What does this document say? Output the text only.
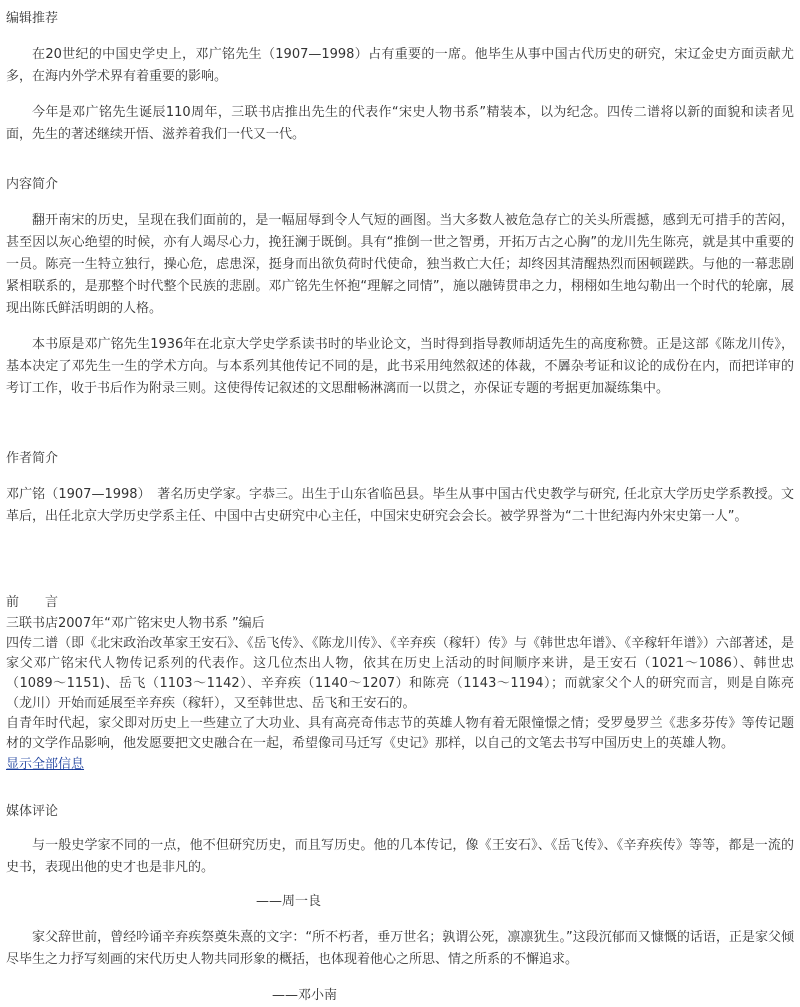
编辑推荐

在20世纪的中国史学史上，邓广铭先生（1907—1998）占有重要的一席。他毕生从事中国古代历史的研究，宋辽金史方面贡献尤多，在海内外学术界有着重要的影响。

今年是邓广铭先生诞辰110周年，三联书店推出先生的代表作“宋史人物书系”精装本，以为纪念。四传二谱将以新的面貌和读者见面，先生的著述继续开悟、滋养着我们一代又一代。

内容简介

翻开南宋的历史，呈现在我们面前的，是一幅屈辱到令人气短的画图。当大多数人被危急存亡的关头所震撼，感到无可措手的苦闷，甚至因以灰心绝望的时候，亦有人竭尽心力，挽狂澜于既倒。具有“推倒一世之智勇，开拓万古之心胸”的龙川先生陈亮，就是其中重要的一员。陈亮一生特立独行，操心危，虑患深，挺身而出欲负荷时代使命，独当救亡大任；却终因其清醒热烈而困顿蹉跌。与他的一幕悲剧紧相联系的，是那整个时代整个民族的悲剧。邓广铭先生怀抱“理解之同情”，施以融铸贯串之力，栩栩如生地勾勒出一个时代的轮廓，展现出陈氏鲜活明朗的人格。

本书原是邓广铭先生1936年在北京大学史学系读书时的毕业论文，当时得到指导教师胡适先生的高度称赞。正是这部《陈龙川传》，基本决定了邓先生一生的学术方向。与本系列其他传记不同的是，此书采用纯然叙述的体裁，不羼杂考证和议论的成份在内，而把详审的考订工作，收于书后作为附录三则。这使得传记叙述的文思酣畅淋漓而一以贯之，亦保证专题的考据更加凝练集中。

作者简介

邓广铭（1907—1998）　著名历史学家。字恭三。出生于山东省临邑县。毕生从事中国古代史教学与研究, 任北京大学历史学系教授。文革后，出任北京大学历史学系主任、中国中古史研究中心主任，中国宋史研究会会长。被学界誉为“二十世纪海内外宋史第一人”。

前　　言

三联书店2007年“邓广铭宋史人物书系 ”编后

四传二谱（即《北宋政治改革家王安石》、《岳飞传》、《陈龙川传》、《辛弃疾（稼轩）传》与《韩世忠年谱》、《辛稼轩年谱》）六部著述，是家父邓广铭宋代人物传记系列的代表作。这几位杰出人物，依其在历史上活动的时间顺序来讲，是王安石（1021～1086）、韩世忠（1089～1151)、岳飞（1103～1142）、辛弃疾（1140～1207）和陈亮（1143～1194）；而就家父个人的研究而言，则是自陈亮（龙川）开始而延展至辛弃疾（稼轩），又至韩世忠、岳飞和王安石的。

自青年时代起，家父即对历史上一些建立了大功业、具有高亮奇伟志节的英雄人物有着无限憧憬之情；受罗曼罗兰《悲多芬传》等传记题材的文学作品影响，他发愿要把文史融合在一起，希望像司马迁写《史记》那样，以自己的文笔去书写中国历史上的英雄人物。

显示全部信息
媒体评论

与一般史学家不同的一点，他不但研究历史，而且写历史。他的几本传记，像《王安石》、《岳飞传》、《辛弃疾传》等等，都是一流的史书，表现出他的史才也是非凡的。

——周一良

家父辞世前，曾经吟诵辛弃疾祭奠朱熹的文字：“所不朽者，垂万世名；孰谓公死，凛凛犹生。”这段沉郁而又慷慨的话语，正是家父倾尽毕生之力抒写刻画的宋代历史人物共同形象的概括，也体现着他心之所思、情之所系的不懈追求。

——邓小南
